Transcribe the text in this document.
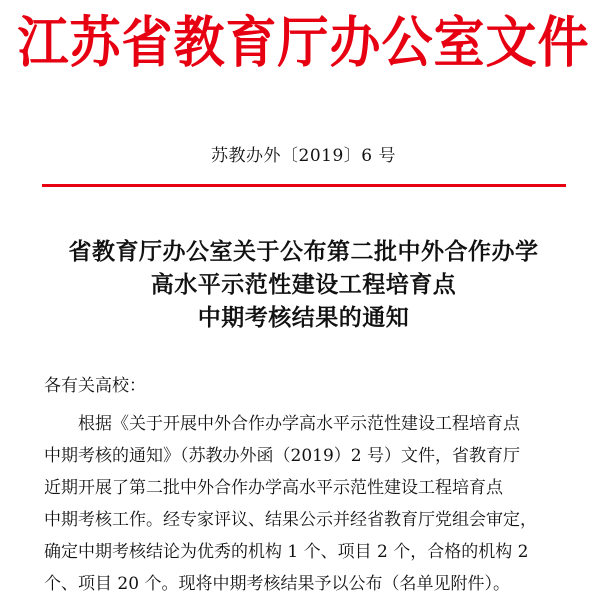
江苏省教育厅办公室文件
苏教办外〔2019〕6 号
省教育厅办公室关于公布第二批中外合作办学
高水平示范性建设工程培育点
中期考核结果的通知
各有关高校：
根据《关于开展中外合作办学高水平示范性建设工程培育点
中期考核的通知》（苏教办外函（2019）2 号）文件，省教育厅
近期开展了第二批中外合作办学高水平示范性建设工程培育点
中期考核工作。经专家评议、结果公示并经省教育厅党组会审定，
确定中期考核结论为优秀的机构 1 个、项目 2 个，合格的机构 2
个、项目 20 个。现将中期考核结果予以公布（名单见附件）。
